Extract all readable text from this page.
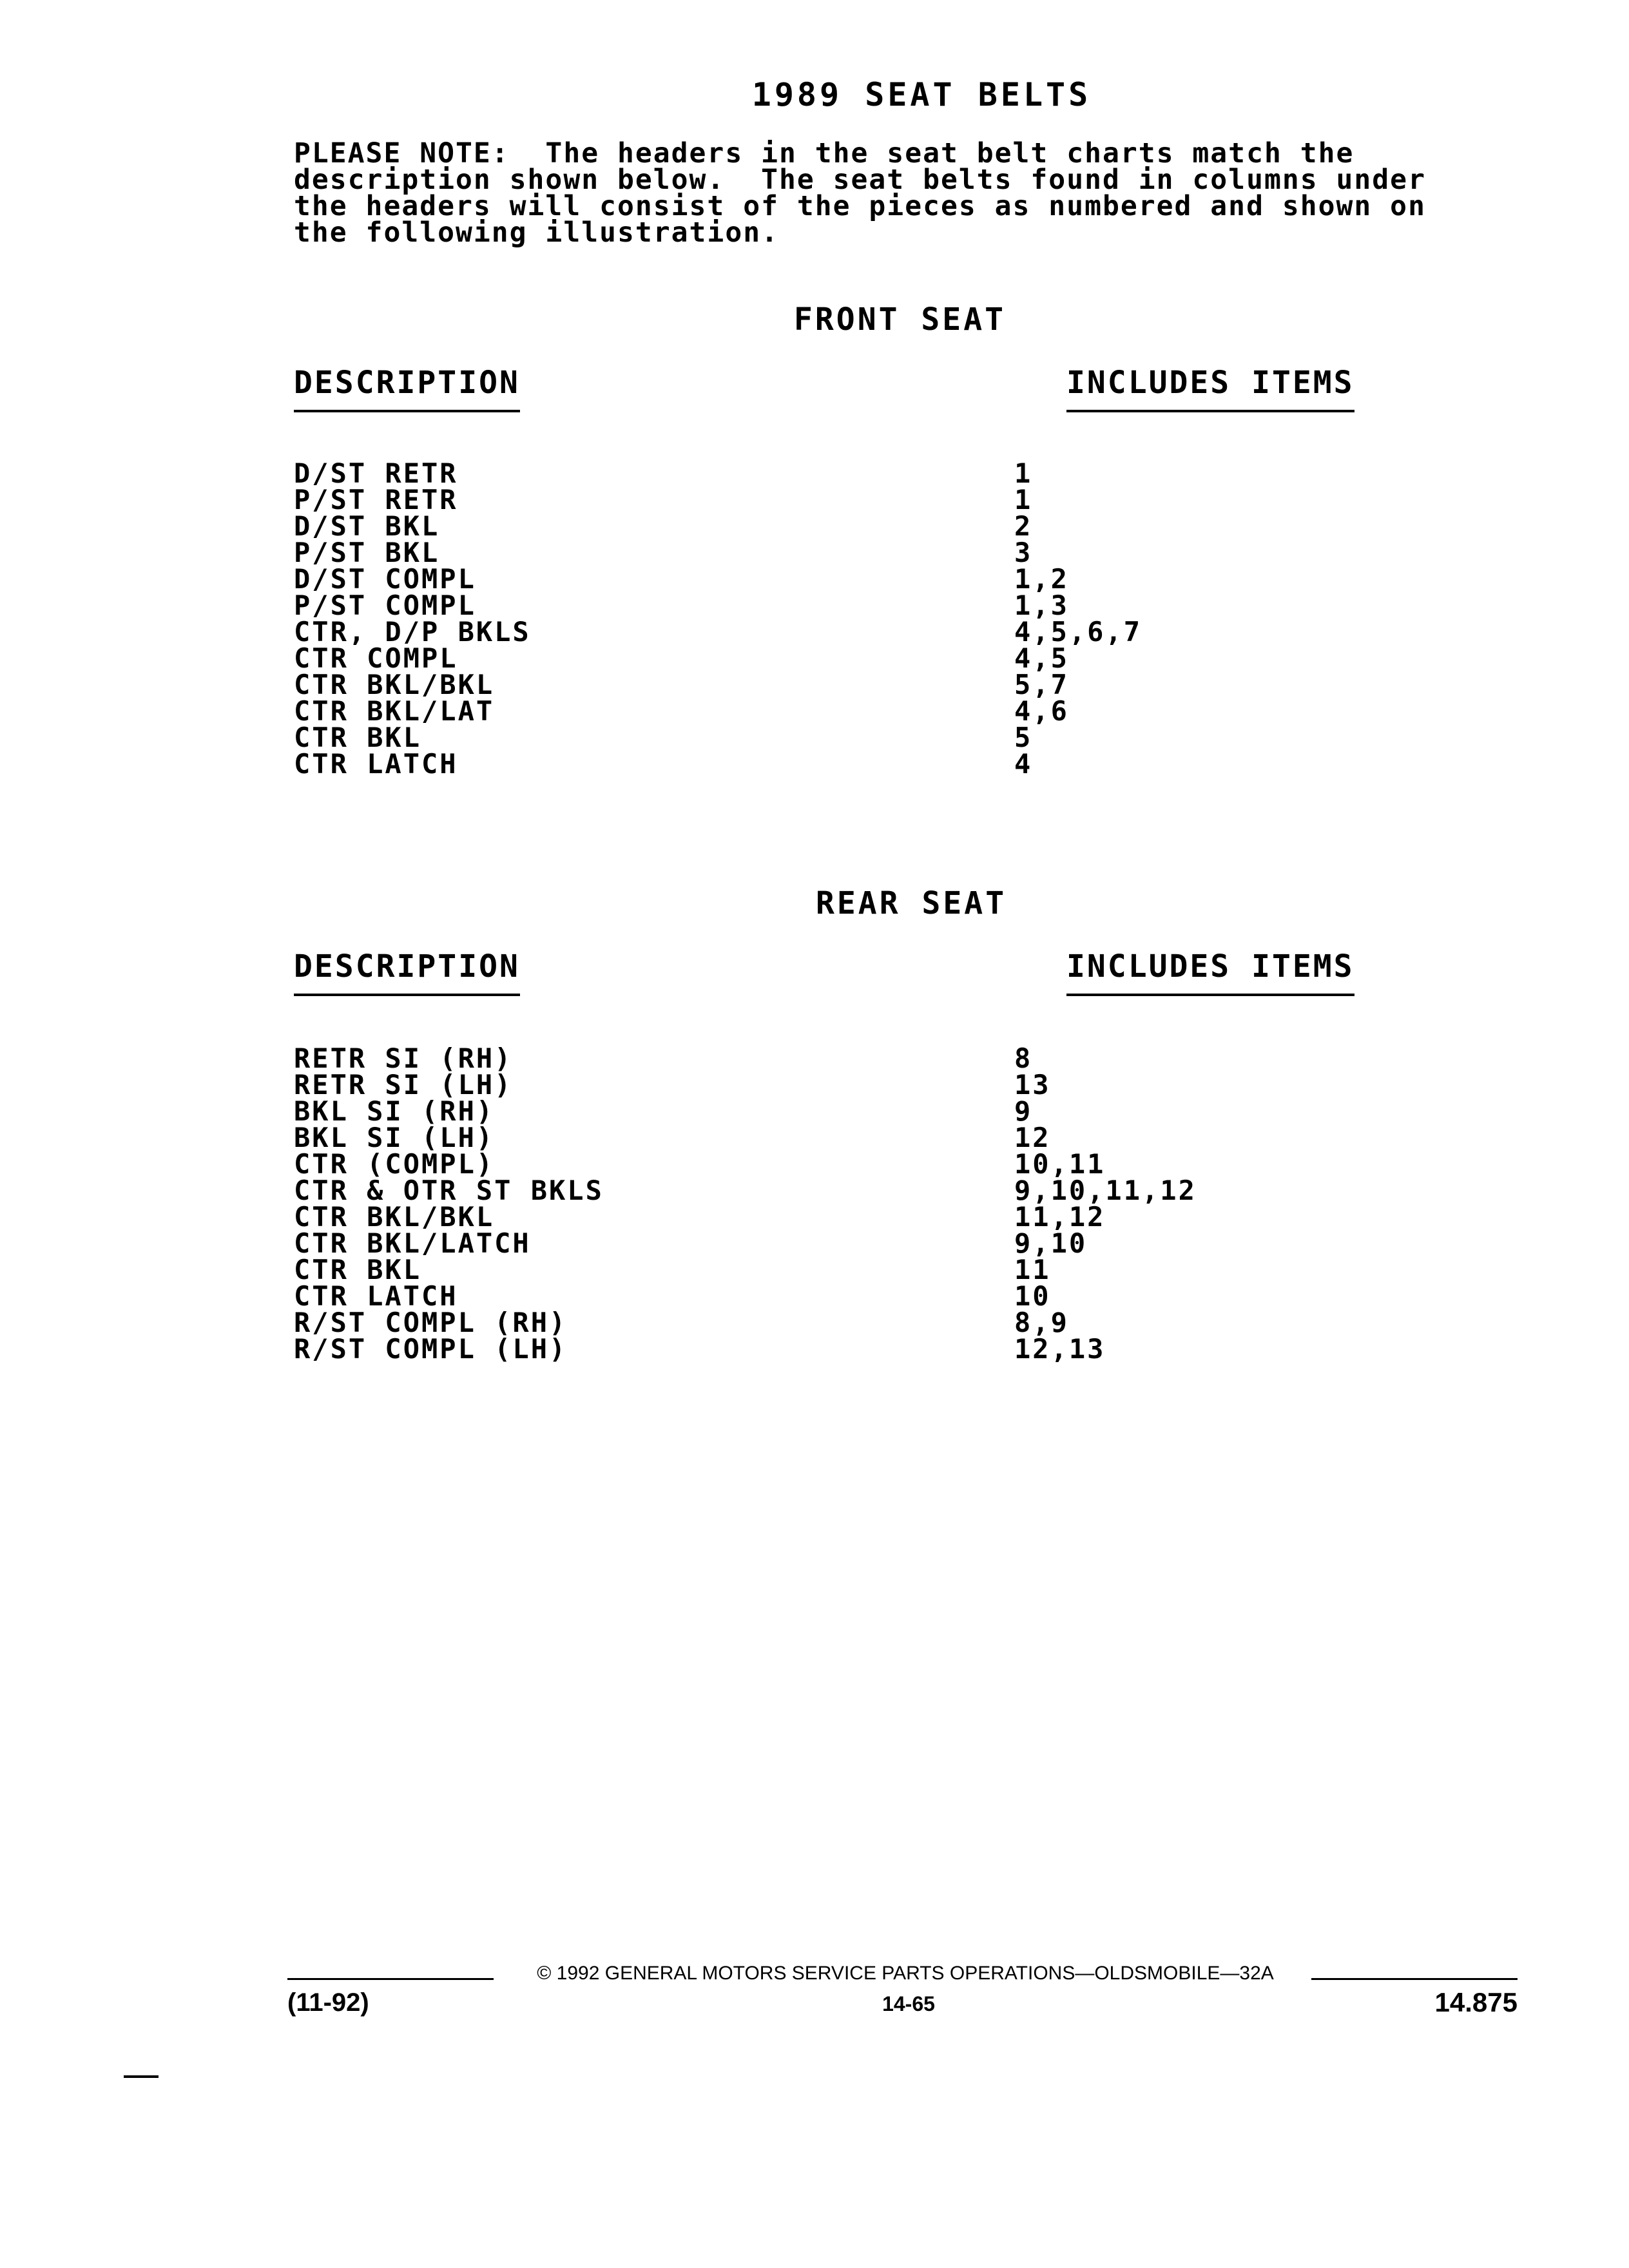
1989 SEAT BELTS
PLEASE NOTE:  The headers in the seat belt charts match the
description shown below.  The seat belts found in columns under
the headers will consist of the pieces as numbered and shown on
the following illustration.
FRONT SEAT
DESCRIPTION	INCLUDES ITEMS
D/ST RETR	1
P/ST RETR	1
D/ST BKL	2
P/ST BKL	3
D/ST COMPL	1,2
P/ST COMPL	1,3
CTR, D/P BKLS	4,5,6,7
CTR COMPL	4,5
CTR BKL/BKL	5,7
CTR BKL/LAT	4,6
CTR BKL	5
CTR LATCH	4
REAR SEAT
DESCRIPTION	INCLUDES ITEMS
RETR SI (RH)	8
RETR SI (LH)	13
BKL SI (RH)	9
BKL SI (LH)	12
CTR (COMPL)	10,11
CTR & OTR ST BKLS	9,10,11,12
CTR BKL/BKL	11,12
CTR BKL/LATCH	9,10
CTR BKL	11
CTR LATCH	10
R/ST COMPL (RH)	8,9
R/ST COMPL (LH)	12,13
© 1992 GENERAL MOTORS SERVICE PARTS OPERATIONS—OLDSMOBILE—32A
(11-92)	14-65	14.875
